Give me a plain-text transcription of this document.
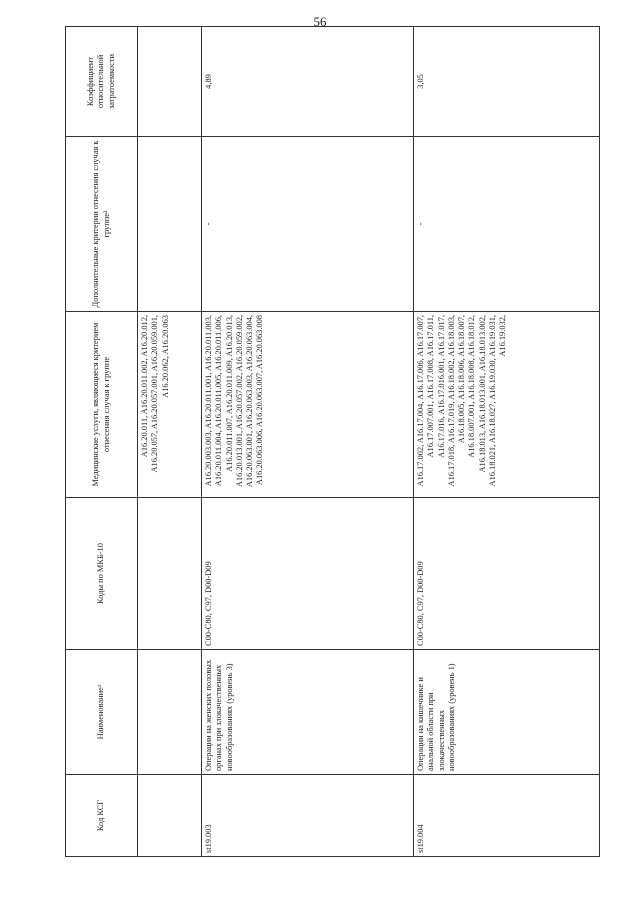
56
Код КСГ	Наименование¹	Коды по МКБ-10	Медицинские услуги, являющиеся критерием отнесения случая к группе	Дополнительные критерии отнесения случая к группе²	Коэффициент относительной затратоемкости
			A16.20.011, A16.20.011.002, A16.20.012, A16.20.057, A16.20.057.001, A16.20.059.001, A16.20.062, A16.20.063		
st19.003	Операции на женских половых органах при злокачественных новообразованиях (уровень 3)	C00-C80, C97, D00-D09	A16.20.003.003, A16.20.011.001, A16.20.011.003, A16.20.011.004, A16.20.011.005, A16.20.011.006, A16.20.011.007, A16.20.011.009, A16.20.013, A16.20.013.001, A16.20.057.002, A16.20.059.002, A16.20.063.001, A16.20.063.003, A16.20.063.004, A16.20.063.006, A16.20.063.007, A16.20.063.008	-	4,89
st19.004	Операции на кишечнике и анальной области при злокачественных новообразованиях (уровень 1)	C00-C80, C97, D00-D09	A16.17.002, A16.17.004, A16.17.006, A16.17.007, A16.17.007.001, A16.17.008, A16.17.011, A16.17.016, A16.17.016.001, A16.17.017, A16.17.018, A16.17.019, A16.18.002, A16.18.003, A16.18.005, A16.18.006, A16.18.007, A16.18.007.001, A16.18.008, A16.18.012, A16.18.013, A16.18.013.001, A16.18.013.002, A16.18.021, A16.18.027, A16.19.030, A16.19.031, A16.19.032,	-	3,05
